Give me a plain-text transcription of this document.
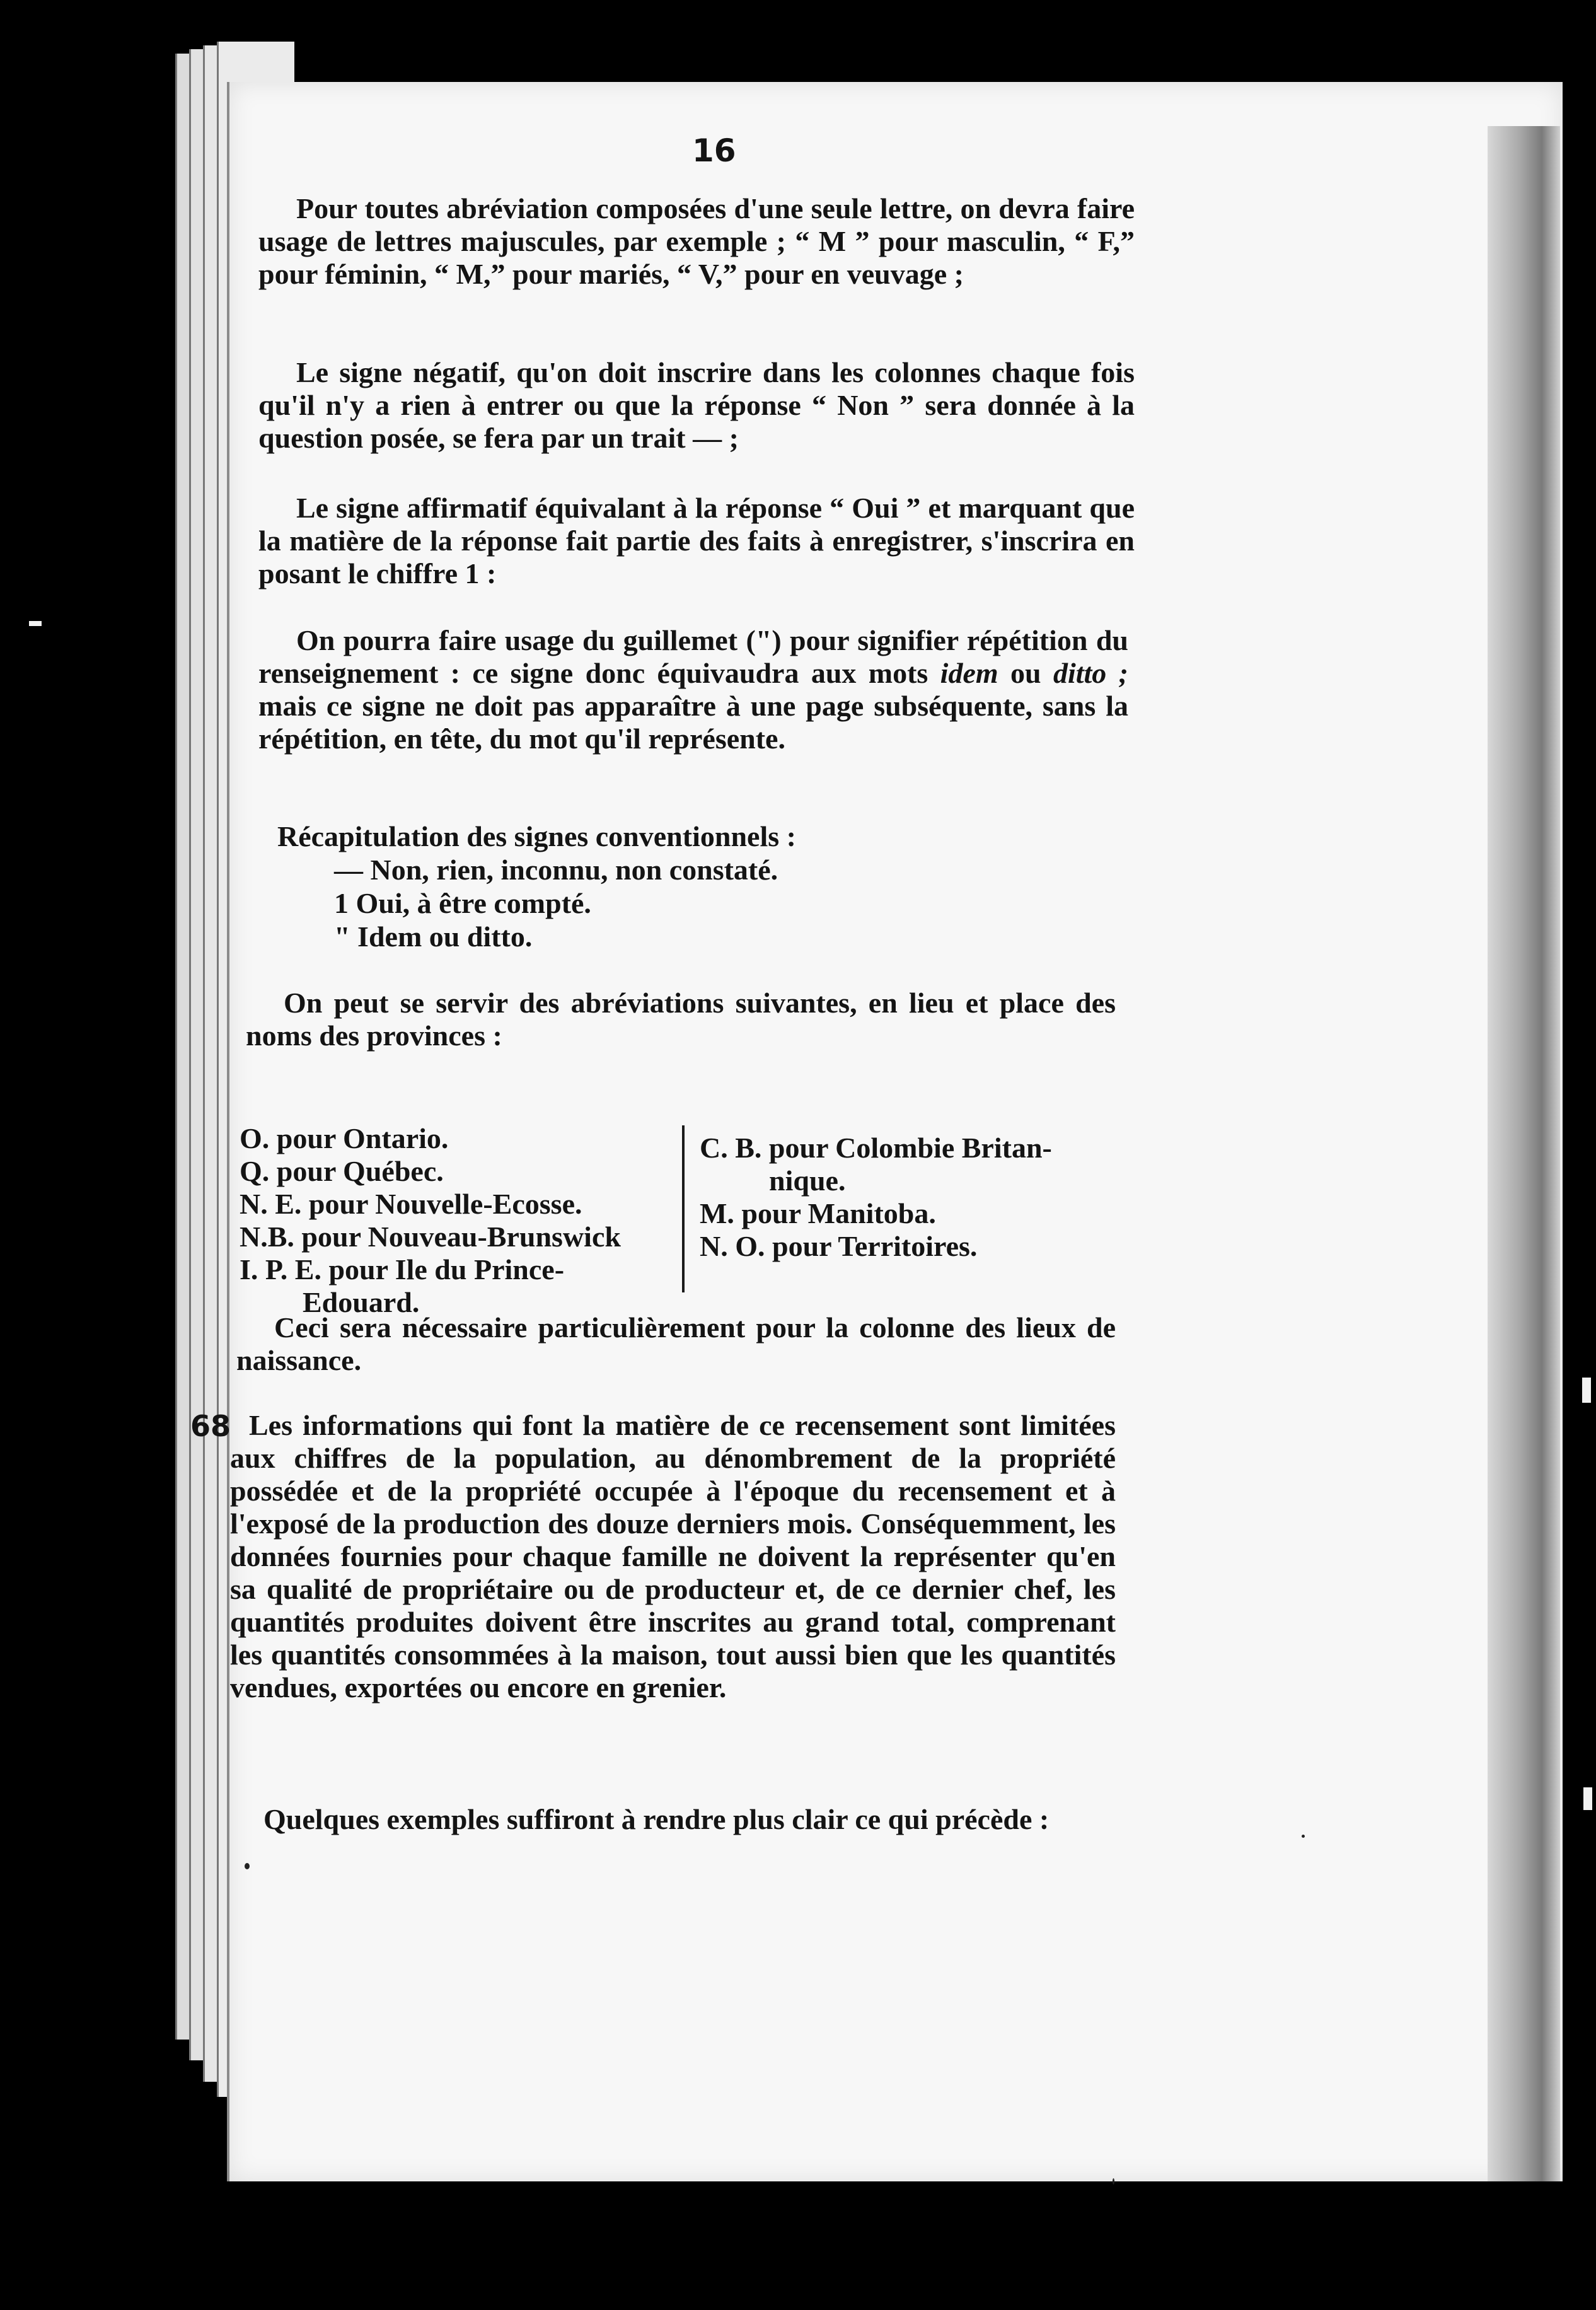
16
Pour toutes abréviation composées d'une seule lettre, on devra faire usage de lettres majuscules, par exemple ; “ M ” pour masculin, “ F,” pour féminin, “ M,” pour mariés, “ V,” pour en veuvage ;
Le signe négatif, qu'on doit inscrire dans les colonnes chaque fois qu'il n'y a rien à entrer ou que la réponse “ Non ” sera donnée à la question posée, se fera par un trait — ;
Le signe affirmatif équivalant à la réponse “ Oui ” et marquant que la matière de la réponse fait partie des faits à enregistrer, s'inscrira en posant le chiffre 1 :
On pourra faire usage du guillemet (") pour signifier répétition du renseignement : ce signe donc équivaudra aux mots idem ou ditto ; mais ce signe ne doit pas apparaître à une page subséquente, sans la répétition, en tête, du mot qu'il représente.
Récapitulation des signes conventionnels :
— Non, rien, inconnu, non constaté.
1 Oui, à être compté.
" Idem ou ditto.
On peut se servir des abréviations suivantes, en lieu et place des noms des provinces :
O. pour Ontario.
Q. pour Québec.
N. E. pour Nouvelle-Ecosse.
N.B. pour Nouveau-Brunswick
I. P. E. pour Ile du Prince-
Edouard.
C. B. pour Colombie Britan-
nique.
M. pour Manitoba.
N. O. pour Territoires.
Ceci sera nécessaire particulièrement pour la colonne des lieux de naissance.
68 Les informations qui font la matière de ce recensement sont limitées aux chiffres de la population, au dénombrement de la propriété possédée et de la propriété occupée à l'époque du recensement et à l'exposé de la production des douze derniers mois. Conséquemment, les données fournies pour chaque famille ne doivent la représenter qu'en sa qualité de propriétaire ou de producteur et, de ce dernier chef, les quantités produites doivent être inscrites au grand total, comprenant les quantités consommées à la maison, tout aussi bien que les quantités vendues, exportées ou encore en grenier.
Quelques exemples suffiront à rendre plus clair ce qui précède :
